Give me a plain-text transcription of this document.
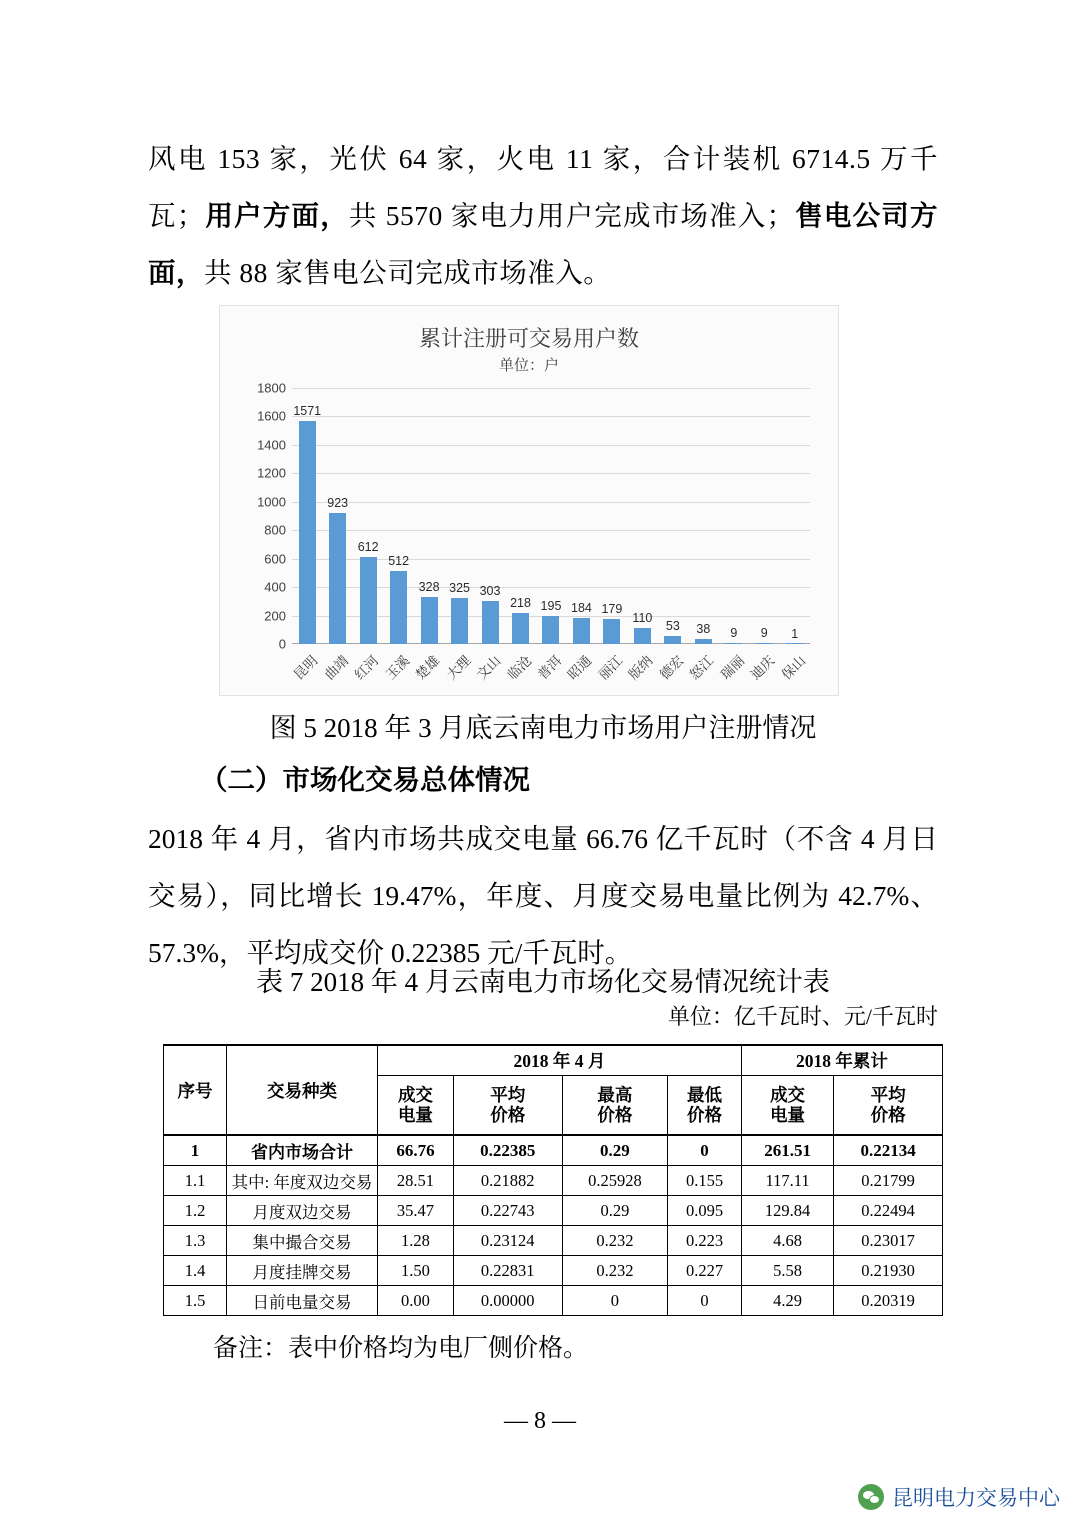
风电 153 家，光伏 64 家，火电 11 家，合计装机 6714.5 万千瓦；用户方面，共 5570 家电力用户完成市场准入；售电公司方面，共 88 家售电公司完成市场准入。

累计注册可交易用户数
单位：户
0
200
400
600
800
1000
1200
1400
1600
1800
1571
923
612
512
328 325 303
218 195 184 179
110
53	38	9	9	1
昆明 曲靖 红河 玉溪 楚雄 大理 文山 临沧 普洱 昭通 丽江 版纳 德宏 怒江 瑞丽 迪庆 保山
图 5 2018 年 3 月底云南电力市场用户注册情况
（二）市场化交易总体情况
2018 年 4 月，省内市场共成交电量 66.76 亿千瓦时（不含 4 月日交易），同比增长 19.47%，年度、月度交易电量比例为 42.7%、57.3%，平均成交价 0.22385 元/千瓦时。
表 7 2018 年 4 月云南电力市场化交易情况统计表
单位：亿千瓦时、元/千瓦时
序号	交易种类	2018 年 4 月				2018 年累计	

成交
电量

平均
价格

最高
价格

最低
价格

成交
电量

平均
价格

1	省内市场合计	66.76	0.22385	0.29	0	261.51	0.22134
1.1	其中: 年度双边交易	28.51	0.21882	0.25928	0.155	117.11	0.21799
1.2	月度双边交易	35.47	0.22743	0.29	0.095	129.84	0.22494
1.3	集中撮合交易	1.28	0.23124	0.232	0.223	4.68	0.23017
1.4	月度挂牌交易	1.50	0.22831	0.232	0.227	5.58	0.21930
1.5	日前电量交易	0.00	0.00000	0	0	4.29	0.20319
备注：表中价格均为电厂侧价格。
— 8 —
昆明电力交易中心
